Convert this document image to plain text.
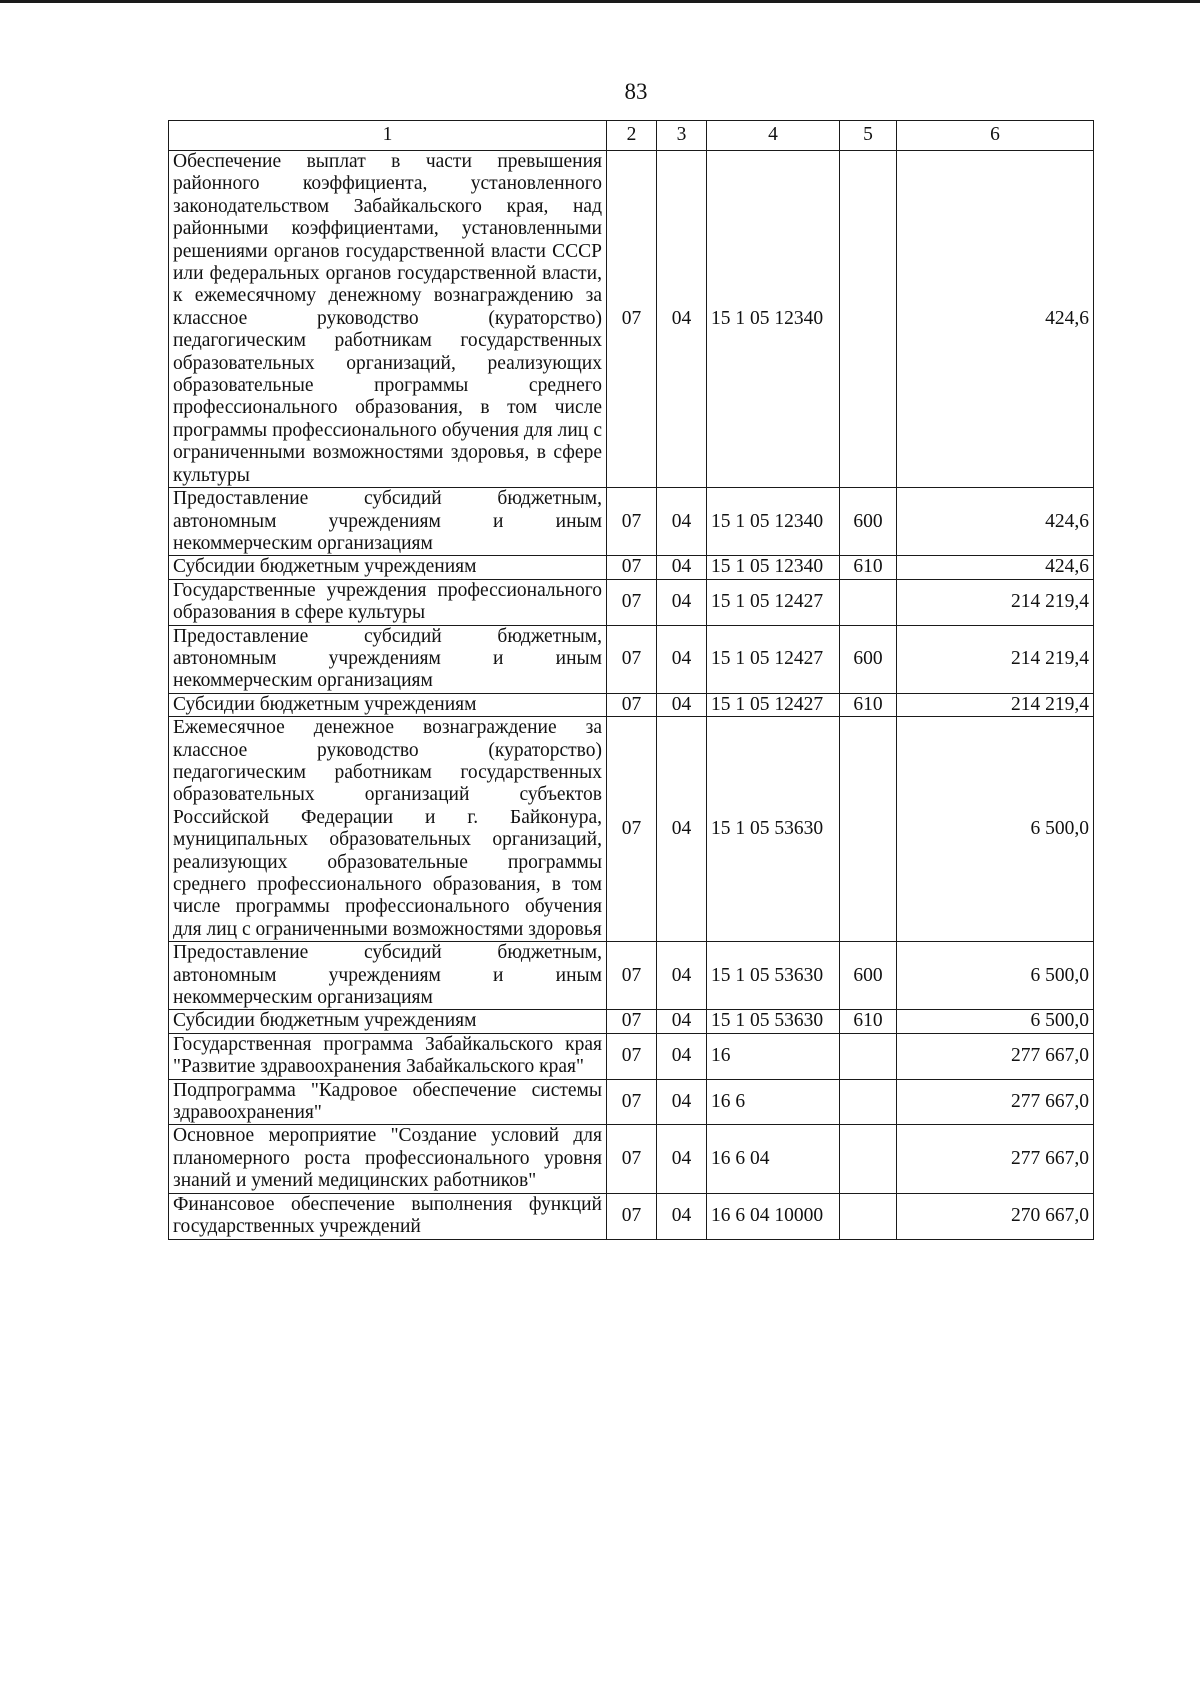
83
1	2	3	4	5	6
Обеспечение выплат в части превышения районного коэффициента, установленного законодательством Забайкальского края, над районными коэффициентами, установленными решениями органов государственной власти СССР или федеральных органов государственной власти, к ежемесячному денежному вознаграждению за классное руководство (кураторство) педагогическим работникам государственных образовательных организаций, реализующих образовательные программы среднего профессионального образования, в том числе программы профессионального обучения для лиц с ограниченными возможностями здоровья, в сфере культуры	07	04	15 1 05 12340		424,6
Предоставление субсидий бюджетным, автономным учреждениям и иным некоммерческим организациям	07	04	15 1 05 12340	600	424,6
Субсидии бюджетным учреждениям	07	04	15 1 05 12340	610	424,6
Государственные учреждения профессионального образования в сфере культуры	07	04	15 1 05 12427		214 219,4
Предоставление субсидий бюджетным, автономным учреждениям и иным некоммерческим организациям	07	04	15 1 05 12427	600	214 219,4
Субсидии бюджетным учреждениям	07	04	15 1 05 12427	610	214 219,4
Ежемесячное денежное вознаграждение за классное руководство (кураторство) педагогическим работникам государственных образовательных организаций субъектов Российской Федерации и г. Байконура, муниципальных образовательных организаций, реализующих образовательные программы среднего профессионального образования, в том числе программы профессионального обучения для лиц с ограниченными возможностями здоровья	07	04	15 1 05 53630		6 500,0
Предоставление субсидий бюджетным, автономным учреждениям и иным некоммерческим организациям	07	04	15 1 05 53630	600	6 500,0
Субсидии бюджетным учреждениям	07	04	15 1 05 53630	610	6 500,0
Государственная программа Забайкальского края "Развитие здравоохранения Забайкальского края"	07	04	16		277 667,0
Подпрограмма "Кадровое обеспечение системы здравоохранения"	07	04	16 6		277 667,0
Основное мероприятие "Создание условий для планомерного роста профессионального уровня знаний и умений медицинских работников"	07	04	16 6 04		277 667,0
Финансовое обеспечение выполнения функций государственных учреждений	07	04	16 6 04 10000		270 667,0
